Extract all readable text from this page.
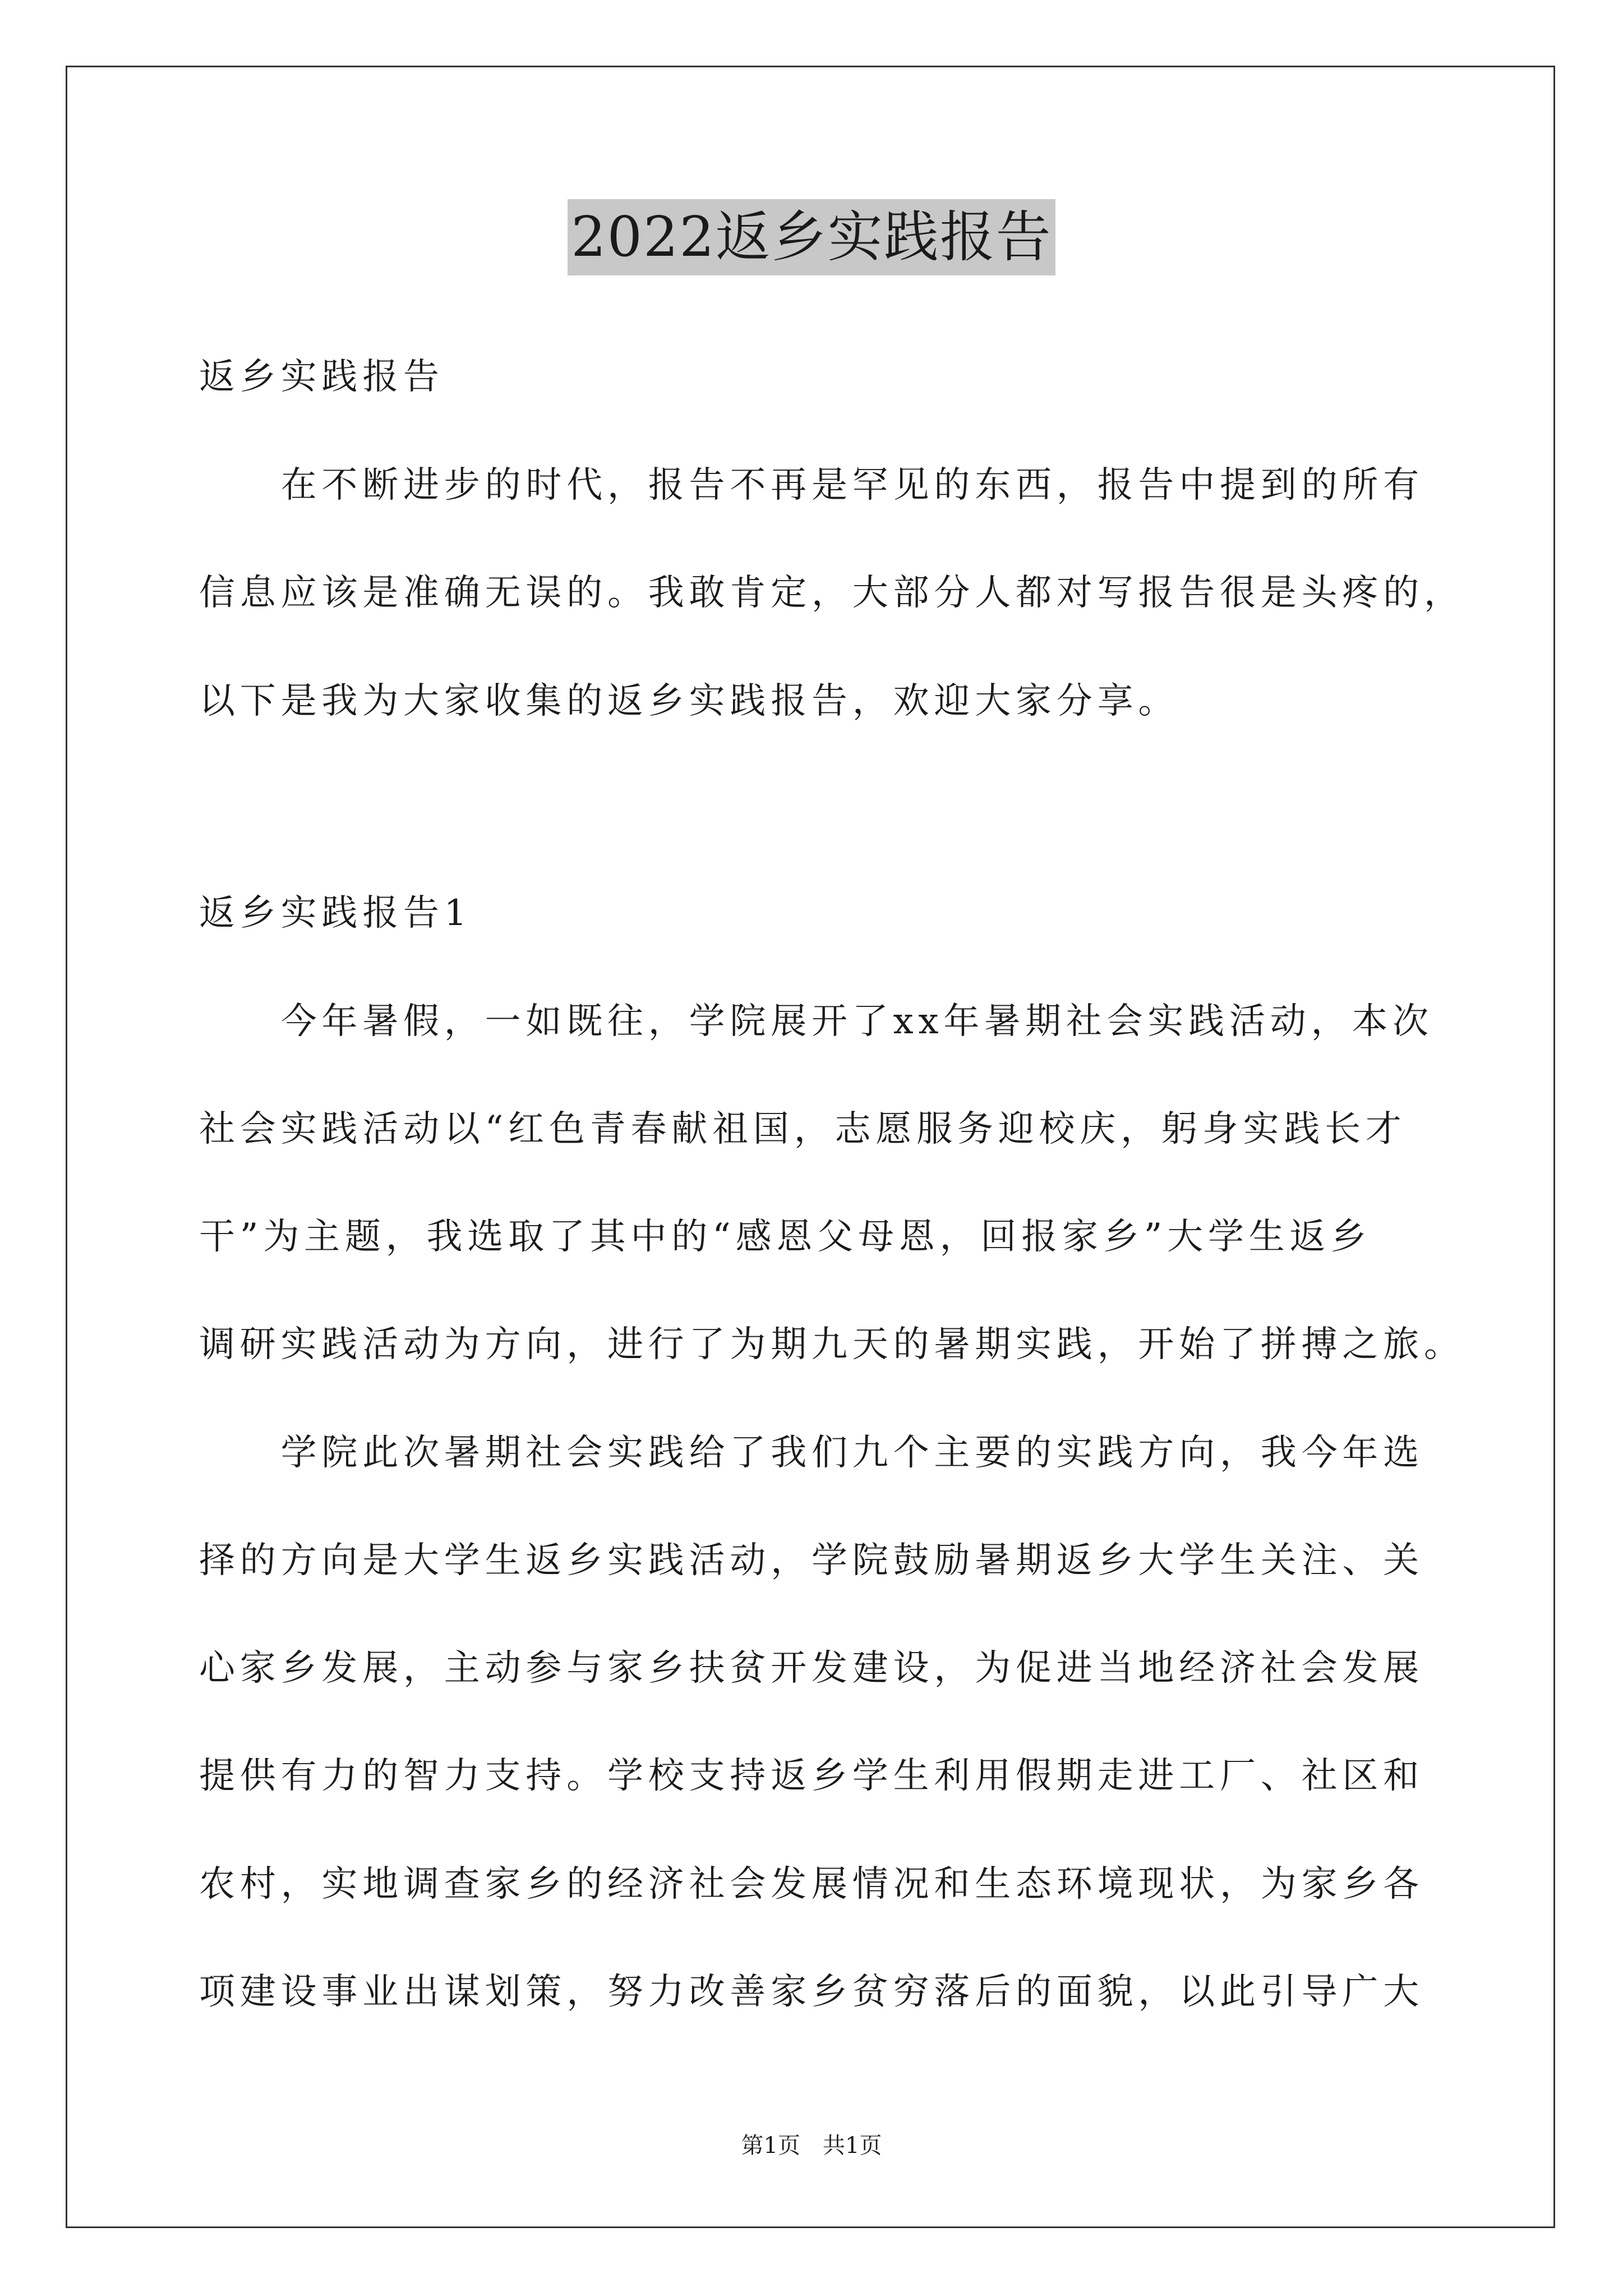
2022返乡实践报告
返乡实践报告
　　在不断进步的时代，报告不再是罕见的东西，报告中提到的所有
信息应该是准确无误的。我敢肯定，大部分人都对写报告很是头疼的，
以下是我为大家收集的返乡实践报告，欢迎大家分享。
返乡实践报告1
　　今年暑假，一如既往，学院展开了xx年暑期社会实践活动，本次
社会实践活动以“红色青春献祖国，志愿服务迎校庆，躬身实践长才
干”为主题，我选取了其中的“感恩父母恩，回报家乡”大学生返乡
调研实践活动为方向，进行了为期九天的暑期实践，开始了拼搏之旅。
　　学院此次暑期社会实践给了我们九个主要的实践方向，我今年选
择的方向是大学生返乡实践活动，学院鼓励暑期返乡大学生关注、关
心家乡发展，主动参与家乡扶贫开发建设，为促进当地经济社会发展
提供有力的智力支持。学校支持返乡学生利用假期走进工厂、社区和
农村，实地调查家乡的经济社会发展情况和生态环境现状，为家乡各
项建设事业出谋划策，努力改善家乡贫穷落后的面貌，以此引导广大
第1页　共1页
